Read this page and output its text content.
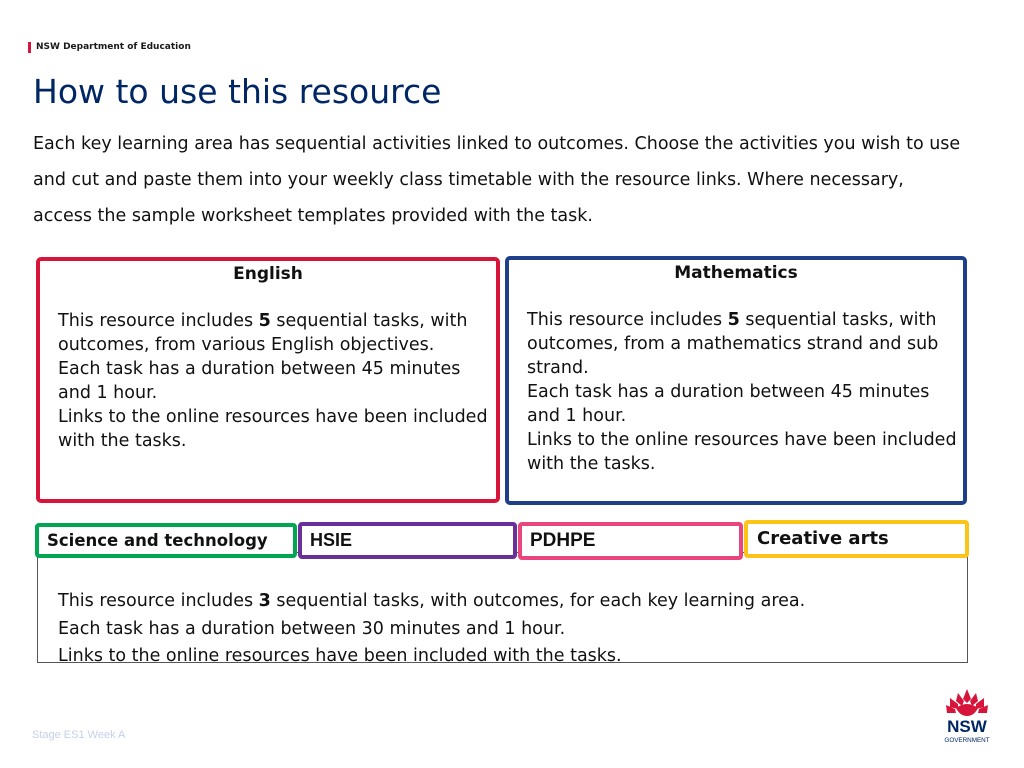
NSW Department of Education
How to use this resource

Each key learning area has sequential activities linked to outcomes. Choose the activities you wish to use and cut and paste them into your weekly class timetable with the resource links. Where necessary, access the sample worksheet templates provided with the task.

English

This resource includes 5 sequential tasks, with outcomes, from various English objectives.
Each task has a duration between 45 minutes and 1 hour.
Links to the online resources have been included with the tasks.

Mathematics

This resource includes 5 sequential tasks, with outcomes, from a mathematics strand and sub strand.
Each task has a duration between 45 minutes and 1 hour.
Links to the online resources have been included with the tasks.

This resource includes 3 sequential tasks, with outcomes, for each key learning area.
Each task has a duration between 30 minutes and 1 hour.
Links to the online resources have been included with the tasks.
Science and technology	HSIE	PDHPE	Creative arts
Stage ES1 Week A	NSW
GOVERNMENT
